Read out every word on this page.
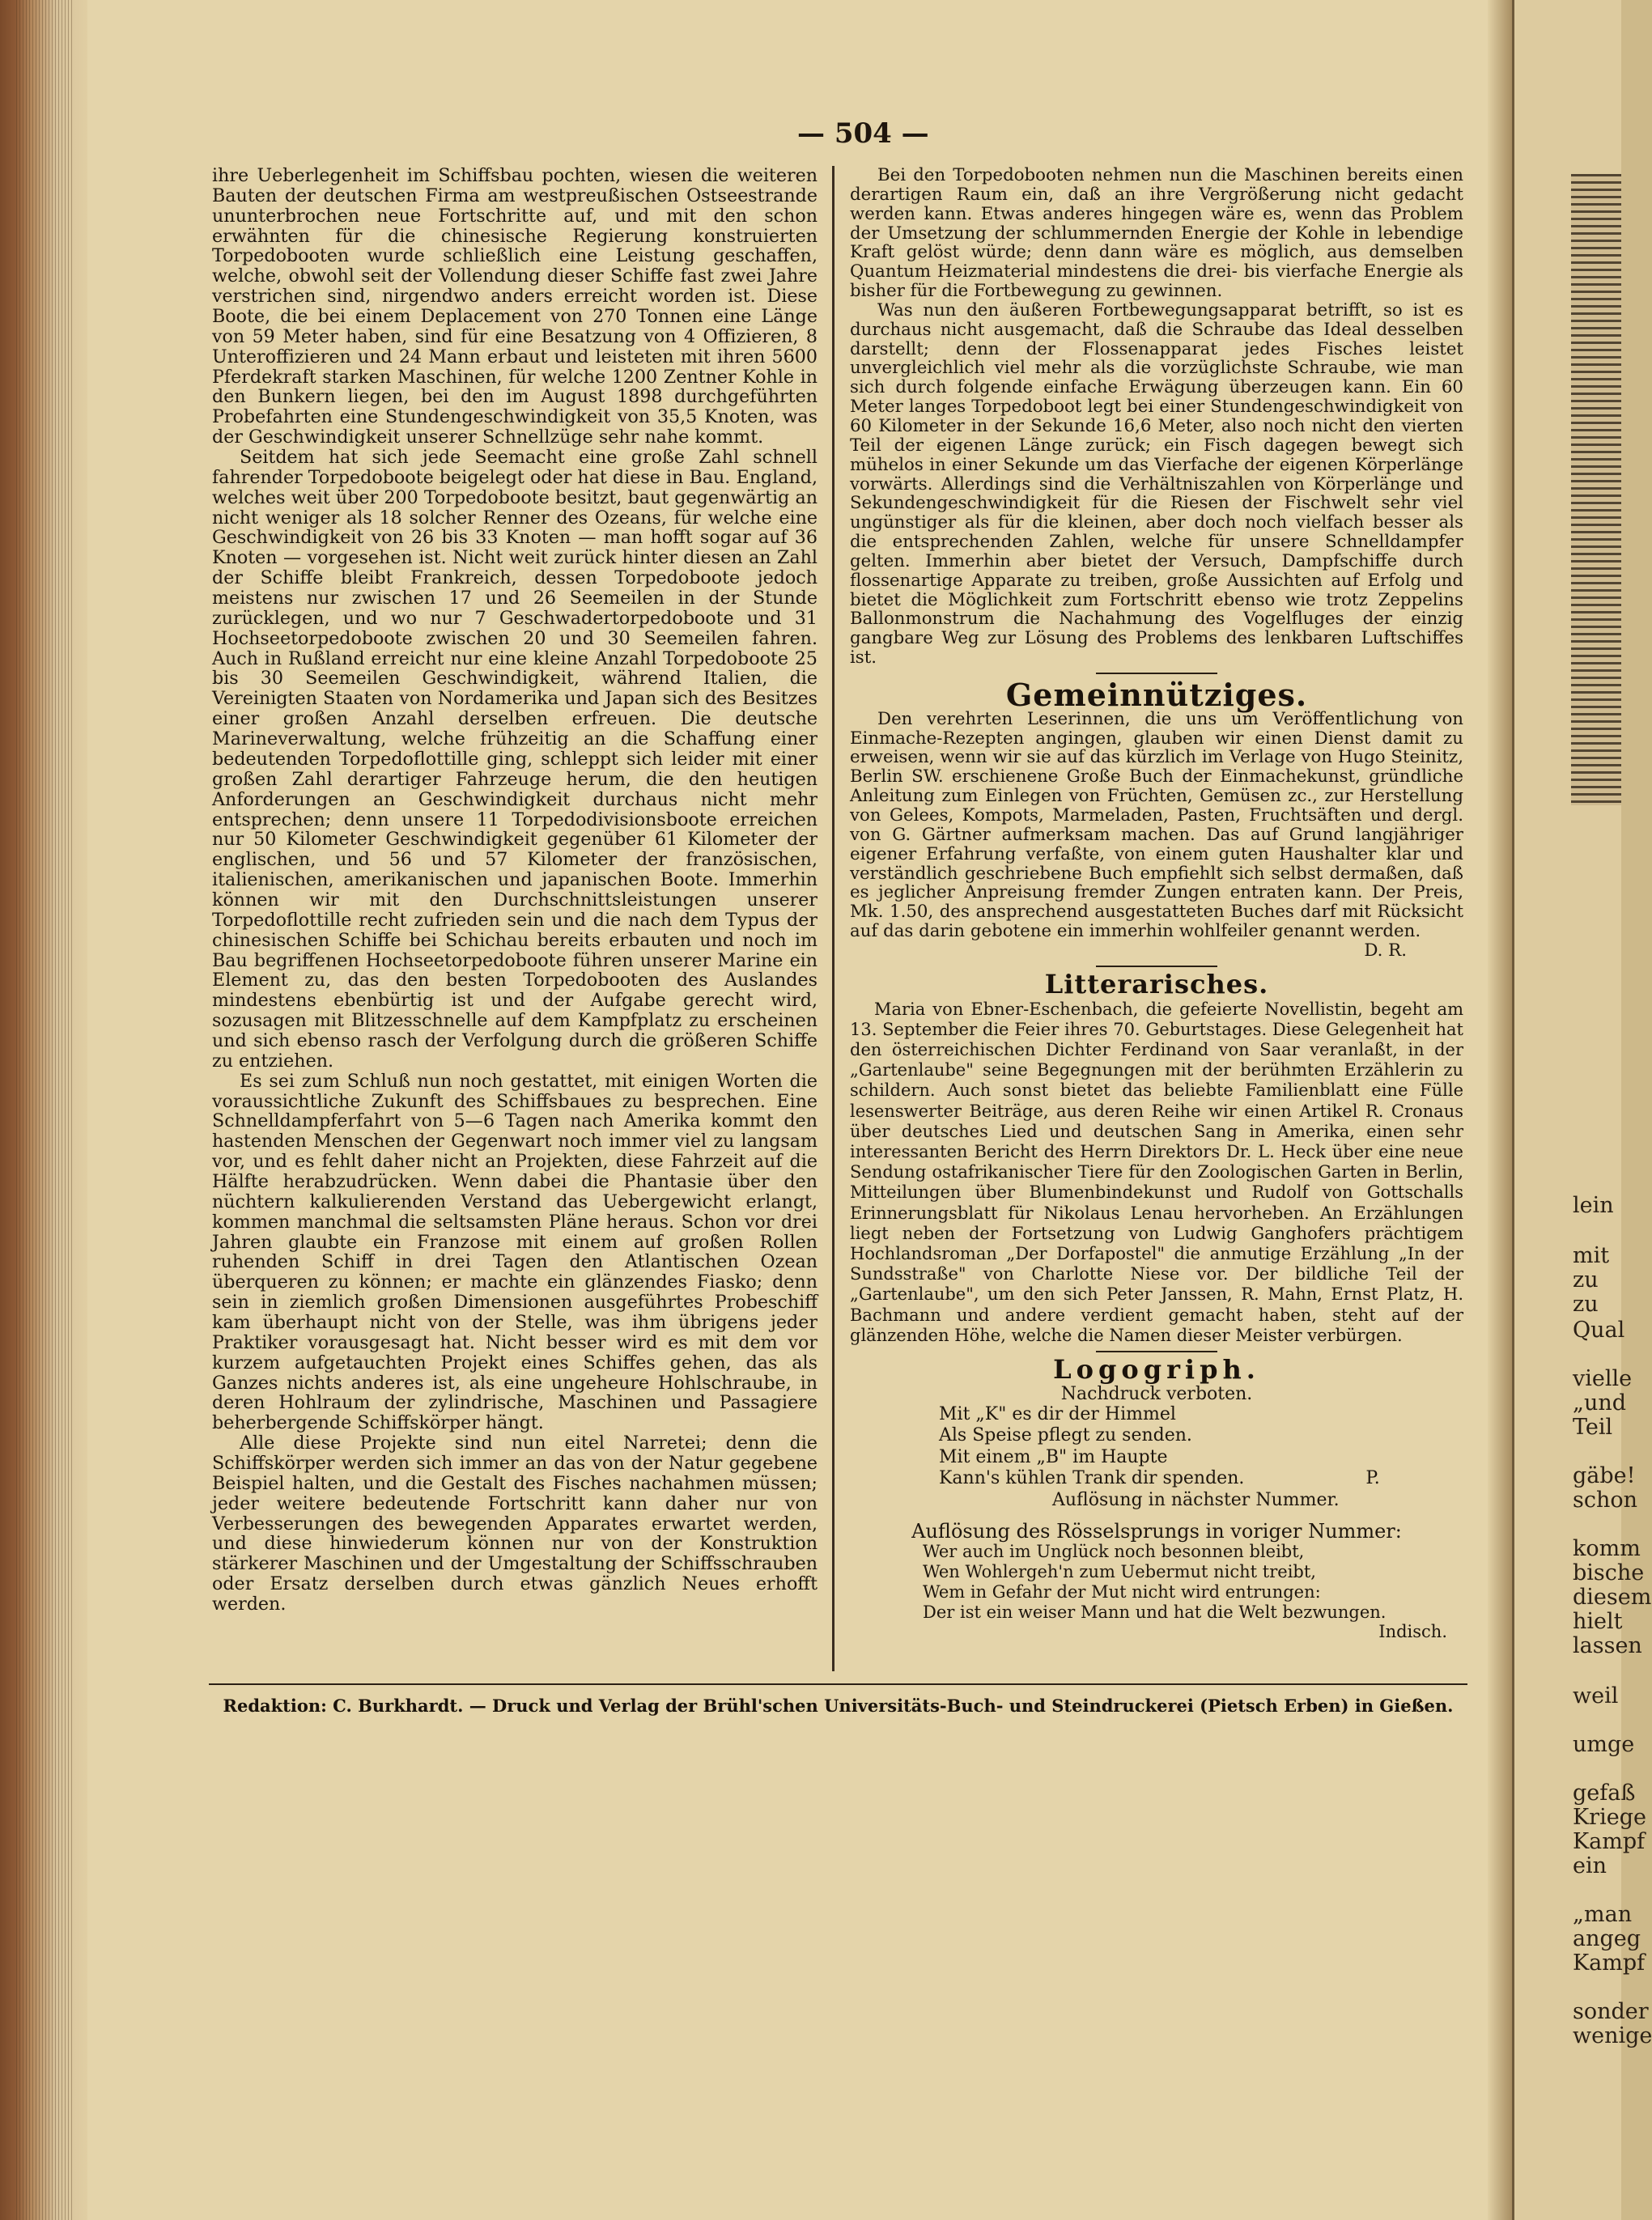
lein
mit
zu
zu
Qual
vielle
„und
Teil
gäbe!
schon
komm
bische
diesem
hielt
lassen
weil
umge
gefaß
Kriege
Kampf
ein
„man
angeg
Kampf
sonder
wenige
— 504 —

ihre Ueberlegenheit im Schiffsbau pochten, wiesen die weiteren Bauten der deutschen Firma am westpreußischen Ostseestrande ununterbrochen neue Fortschritte auf, und mit den schon erwähnten für die chinesische Regierung konstruierten Torpedobooten wurde schließlich eine Leistung geschaffen, welche, obwohl seit der Vollendung dieser Schiffe fast zwei Jahre verstrichen sind, nirgendwo anders erreicht worden ist. Diese Boote, die bei einem Deplacement von 270 Tonnen eine Länge von 59 Meter haben, sind für eine Besatzung von 4 Offizieren, 8 Unteroffizieren und 24 Mann erbaut und leisteten mit ihren 5600 Pferdekraft starken Maschinen, für welche 1200 Zentner Kohle in den Bunkern liegen, bei den im August 1898 durchgeführten Probefahrten eine Stundengeschwindigkeit von 35,5 Knoten, was der Geschwindigkeit unserer Schnellzüge sehr nahe kommt.

Seitdem hat sich jede Seemacht eine große Zahl schnell fahrender Torpedoboote beigelegt oder hat diese in Bau. England, welches weit über 200 Torpedoboote besitzt, baut gegenwärtig an nicht weniger als 18 solcher Renner des Ozeans, für welche eine Geschwindigkeit von 26 bis 33 Knoten — man hofft sogar auf 36 Knoten — vorgesehen ist. Nicht weit zurück hinter diesen an Zahl der Schiffe bleibt Frankreich, dessen Torpedoboote jedoch meistens nur zwischen 17 und 26 Seemeilen in der Stunde zurücklegen, und wo nur 7 Geschwadertorpedoboote und 31 Hochseetorpedoboote zwischen 20 und 30 Seemeilen fahren. Auch in Rußland erreicht nur eine kleine Anzahl Torpedoboote 25 bis 30 Seemeilen Geschwindigkeit, während Italien, die Vereinigten Staaten von Nordamerika und Japan sich des Besitzes einer großen Anzahl derselben erfreuen. Die deutsche Marineverwaltung, welche frühzeitig an die Schaffung einer bedeutenden Torpedoflottille ging, schleppt sich leider mit einer großen Zahl derartiger Fahrzeuge herum, die den heutigen Anforderungen an Geschwindigkeit durchaus nicht mehr entsprechen; denn unsere 11 Torpedodivisionsboote erreichen nur 50 Kilometer Geschwindigkeit gegenüber 61 Kilometer der englischen, und 56 und 57 Kilometer der französischen, italienischen, amerikanischen und japanischen Boote. Immerhin können wir mit den Durchschnittsleistungen unserer Torpedoflottille recht zufrieden sein und die nach dem Typus der chinesischen Schiffe bei Schichau bereits erbauten und noch im Bau begriffenen Hochseetorpedoboote führen unserer Marine ein Element zu, das den besten Torpedobooten des Auslandes mindestens ebenbürtig ist und der Aufgabe gerecht wird, sozusagen mit Blitzesschnelle auf dem Kampfplatz zu erscheinen und sich ebenso rasch der Verfolgung durch die größeren Schiffe zu entziehen.

Es sei zum Schluß nun noch gestattet, mit einigen Worten die voraussichtliche Zukunft des Schiffsbaues zu besprechen. Eine Schnelldampferfahrt von 5—6 Tagen nach Amerika kommt den hastenden Menschen der Gegenwart noch immer viel zu langsam vor, und es fehlt daher nicht an Projekten, diese Fahrzeit auf die Hälfte herabzudrücken. Wenn dabei die Phantasie über den nüchtern kalkulierenden Verstand das Uebergewicht erlangt, kommen manchmal die seltsamsten Pläne heraus. Schon vor drei Jahren glaubte ein Franzose mit einem auf großen Rollen ruhenden Schiff in drei Tagen den Atlantischen Ozean überqueren zu können; er machte ein glänzendes Fiasko; denn sein in ziemlich großen Dimensionen ausgeführtes Probeschiff kam überhaupt nicht von der Stelle, was ihm übrigens jeder Praktiker vorausgesagt hat. Nicht besser wird es mit dem vor kurzem aufgetauchten Projekt eines Schiffes gehen, das als Ganzes nichts anderes ist, als eine ungeheure Hohlschraube, in deren Hohlraum der zylindrische, Maschinen und Passagiere beherbergende Schiffskörper hängt.

Alle diese Projekte sind nun eitel Narretei; denn die Schiffskörper werden sich immer an das von der Natur gegebene Beispiel halten, und die Gestalt des Fisches nachahmen müssen; jeder weitere bedeutende Fortschritt kann daher nur von Verbesserungen des bewegenden Apparates erwartet werden, und diese hinwiederum können nur von der Konstruktion stärkerer Maschinen und der Umgestaltung der Schiffsschrauben oder Ersatz derselben durch etwas gänzlich Neues erhofft werden.

Bei den Torpedobooten nehmen nun die Maschinen bereits einen derartigen Raum ein, daß an ihre Vergrößerung nicht gedacht werden kann. Etwas anderes hingegen wäre es, wenn das Problem der Umsetzung der schlummernden Energie der Kohle in lebendige Kraft gelöst würde; denn dann wäre es möglich, aus demselben Quantum Heizmaterial mindestens die drei- bis vierfache Energie als bisher für die Fortbewegung zu gewinnen.

Was nun den äußeren Fortbewegungsapparat betrifft, so ist es durchaus nicht ausgemacht, daß die Schraube das Ideal desselben darstellt; denn der Flossenapparat jedes Fisches leistet unvergleichlich viel mehr als die vorzüglichste Schraube, wie man sich durch folgende einfache Erwägung überzeugen kann. Ein 60 Meter langes Torpedoboot legt bei einer Stundengeschwindigkeit von 60 Kilometer in der Sekunde 16,6 Meter, also noch nicht den vierten Teil der eigenen Länge zurück; ein Fisch dagegen bewegt sich mühelos in einer Sekunde um das Vierfache der eigenen Körperlänge vorwärts. Allerdings sind die Verhältniszahlen von Körperlänge und Sekundengeschwindigkeit für die Riesen der Fischwelt sehr viel ungünstiger als für die kleinen, aber doch noch vielfach besser als die entsprechenden Zahlen, welche für unsere Schnelldampfer gelten. Immerhin aber bietet der Versuch, Dampfschiffe durch flossenartige Apparate zu treiben, große Aussichten auf Erfolg und bietet die Möglichkeit zum Fortschritt ebenso wie trotz Zeppelins Ballonmonstrum die Nachahmung des Vogelfluges der einzig gangbare Weg zur Lösung des Problems des lenkbaren Luftschiffes ist.

Gemeinnütziges.

Den verehrten Leserinnen, die uns um Veröffentlichung von Einmache-Rezepten angingen, glauben wir einen Dienst damit zu erweisen, wenn wir sie auf das kürzlich im Verlage von Hugo Steinitz, Berlin SW. erschienene Große Buch der Einmachekunst, gründliche Anleitung zum Einlegen von Früchten, Gemüsen zc., zur Herstellung von Gelees, Kompots, Marmeladen, Pasten, Fruchtsäften und dergl. von G. Gärtner aufmerksam machen. Das auf Grund langjähriger eigener Erfahrung verfaßte, von einem guten Haushalter klar und verständlich geschriebene Buch empfiehlt sich selbst dermaßen, daß es jeglicher Anpreisung fremder Zungen entraten kann. Der Preis, Mk. 1.50, des ansprechend ausgestatteten Buches darf mit Rücksicht auf das darin gebotene ein immerhin wohlfeiler genannt werden.

D. R.
Litterarisches.

Maria von Ebner-Eschenbach, die gefeierte Novellistin, begeht am 13. September die Feier ihres 70. Geburtstages. Diese Gelegenheit hat den österreichischen Dichter Ferdinand von Saar veranlaßt, in der „Gartenlaube" seine Begegnungen mit der berühmten Erzählerin zu schildern. Auch sonst bietet das beliebte Familienblatt eine Fülle lesenswerter Beiträge, aus deren Reihe wir einen Artikel R. Cronaus über deutsches Lied und deutschen Sang in Amerika, einen sehr interessanten Bericht des Herrn Direktors Dr. L. Heck über eine neue Sendung ostafrikanischer Tiere für den Zoologischen Garten in Berlin, Mitteilungen über Blumenbindekunst und Rudolf von Gottschalls Erinnerungsblatt für Nikolaus Lenau hervorheben. An Erzählungen liegt neben der Fortsetzung von Ludwig Ganghofers prächtigem Hochlandsroman „Der Dorfapostel" die anmutige Erzählung „In der Sundsstraße" von Charlotte Niese vor. Der bildliche Teil der „Gartenlaube", um den sich Peter Janssen, R. Mahn, Ernst Platz, H. Bachmann und andere verdient gemacht haben, steht auf der glänzenden Höhe, welche die Namen dieser Meister verbürgen.

Logogriph.
Nachdruck verboten.
Mit „K" es dir der Himmel
Als Speise pflegt zu senden.
Mit einem „B" im Haupte
Kann's kühlen Trank dir spenden.	P.
Auflösung in nächster Nummer.
Auflösung des Rösselsprungs in voriger Nummer:
Wer auch im Unglück noch besonnen bleibt,
Wen Wohlergeh'n zum Uebermut nicht treibt,
Wem in Gefahr der Mut nicht wird entrungen:
Der ist ein weiser Mann und hat die Welt bezwungen.
Indisch.
Redaktion: C. Burkhardt. — Druck und Verlag der Brühl'schen Universitäts-Buch- und Steindruckerei (Pietsch Erben) in Gießen.
